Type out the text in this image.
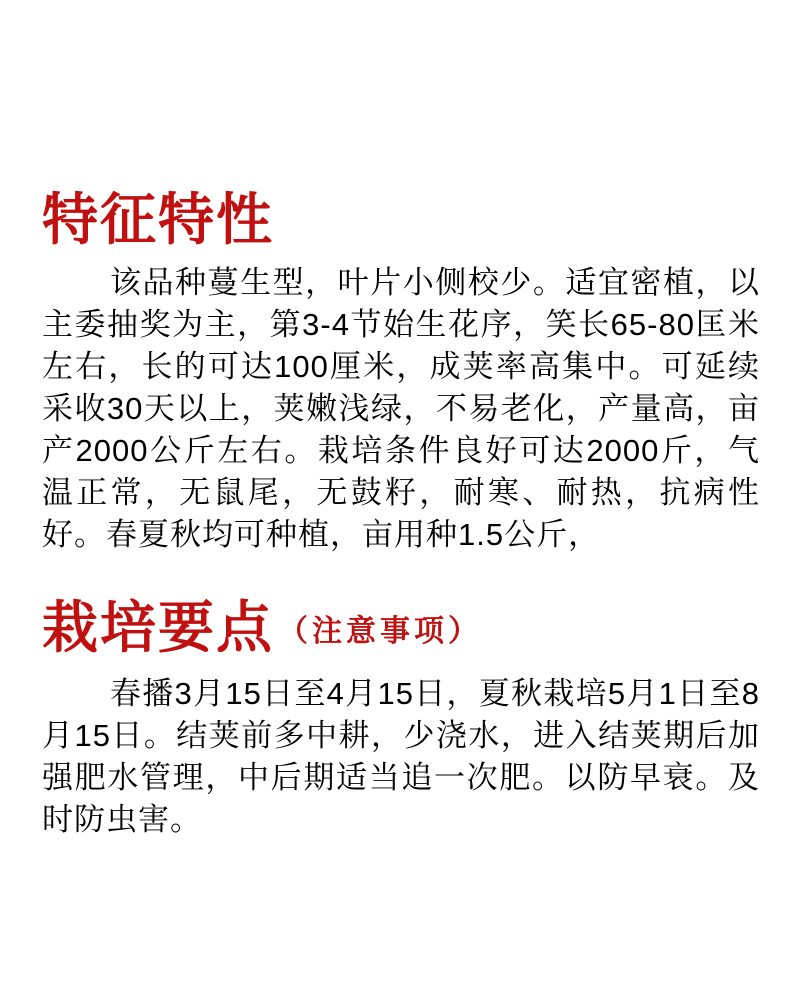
特征特性

该品种蔓生型，叶片小侧校少。适宜密植，以主委抽奖为主，第3-4节始生花序，笑长65-80匡米左右，长的可达100厘米，成荚率高集中。可延续采收30天以上，荚嫩浅绿，不易老化，产量高，亩产2000公斤左右。栽培条件良好可达2000斤，气温正常，无鼠尾，无鼓籽，耐寒、耐热，抗病性好。春夏秋均可种植，亩用种1.5公斤，

栽培要点 （注意事项）

春播3月15日至4月15日，夏秋栽培5月1日至8月15日。结荚前多中耕，少浇水，进入结荚期后加强肥水管理，中后期适当追一次肥。以防早衰。及时防虫害。
